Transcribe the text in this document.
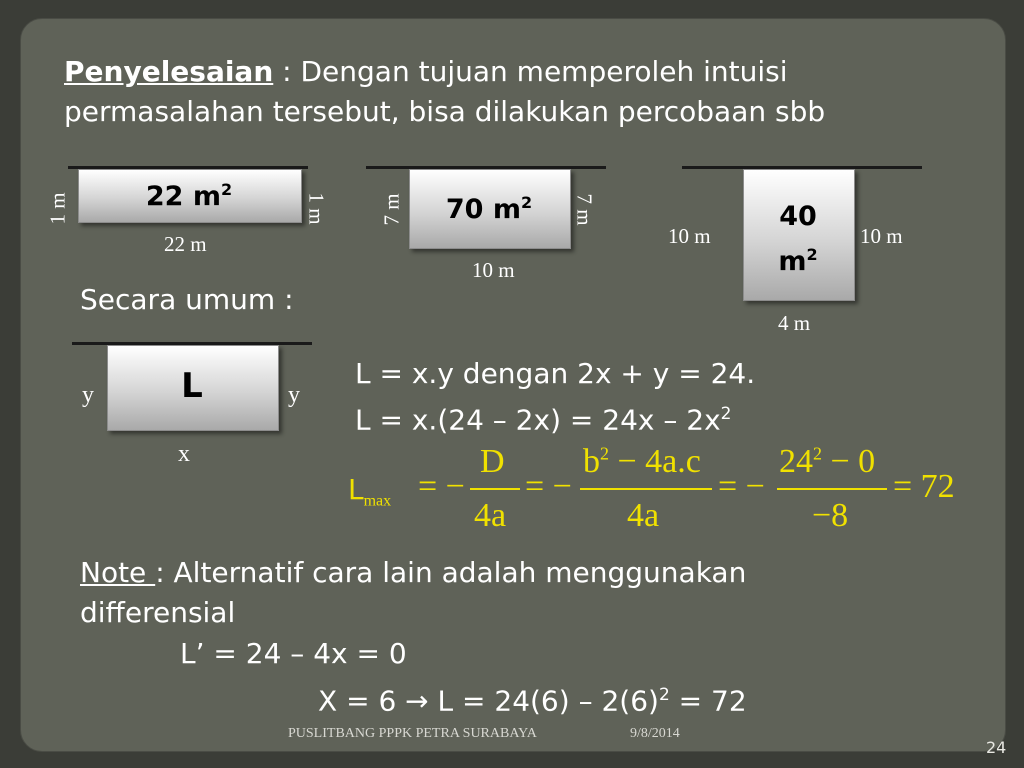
Penyelesaian : Dengan tujuan memperoleh intuisi
permasalahan tersebut, bisa dilakukan percobaan sbb
22 $m^2$
1 m	1 m
22 m
70 $m^2$
7 m	7 m
10 m
40
$m^2$
10 m	10 m
4 m
Secara umum :
L
y	y
x
L = x.y dengan 2x + y = 24.
$L = x.(24 - 2x) = 24x - 2x^2$
$L_{max}$ = −
D
4a
= −
$b^2 - 4a.c$
4a
= −
$24^2 - 0$
−8
= 72
Note : Alternatif cara lain adalah menggunakan
differensial
L’ = 24 – 4x = 0
$X = 6 \to L = 24(6) - 2(6)^2 = 72$
PUSLITBANG PPPK PETRA SURABAYA	9/8/2014
24
